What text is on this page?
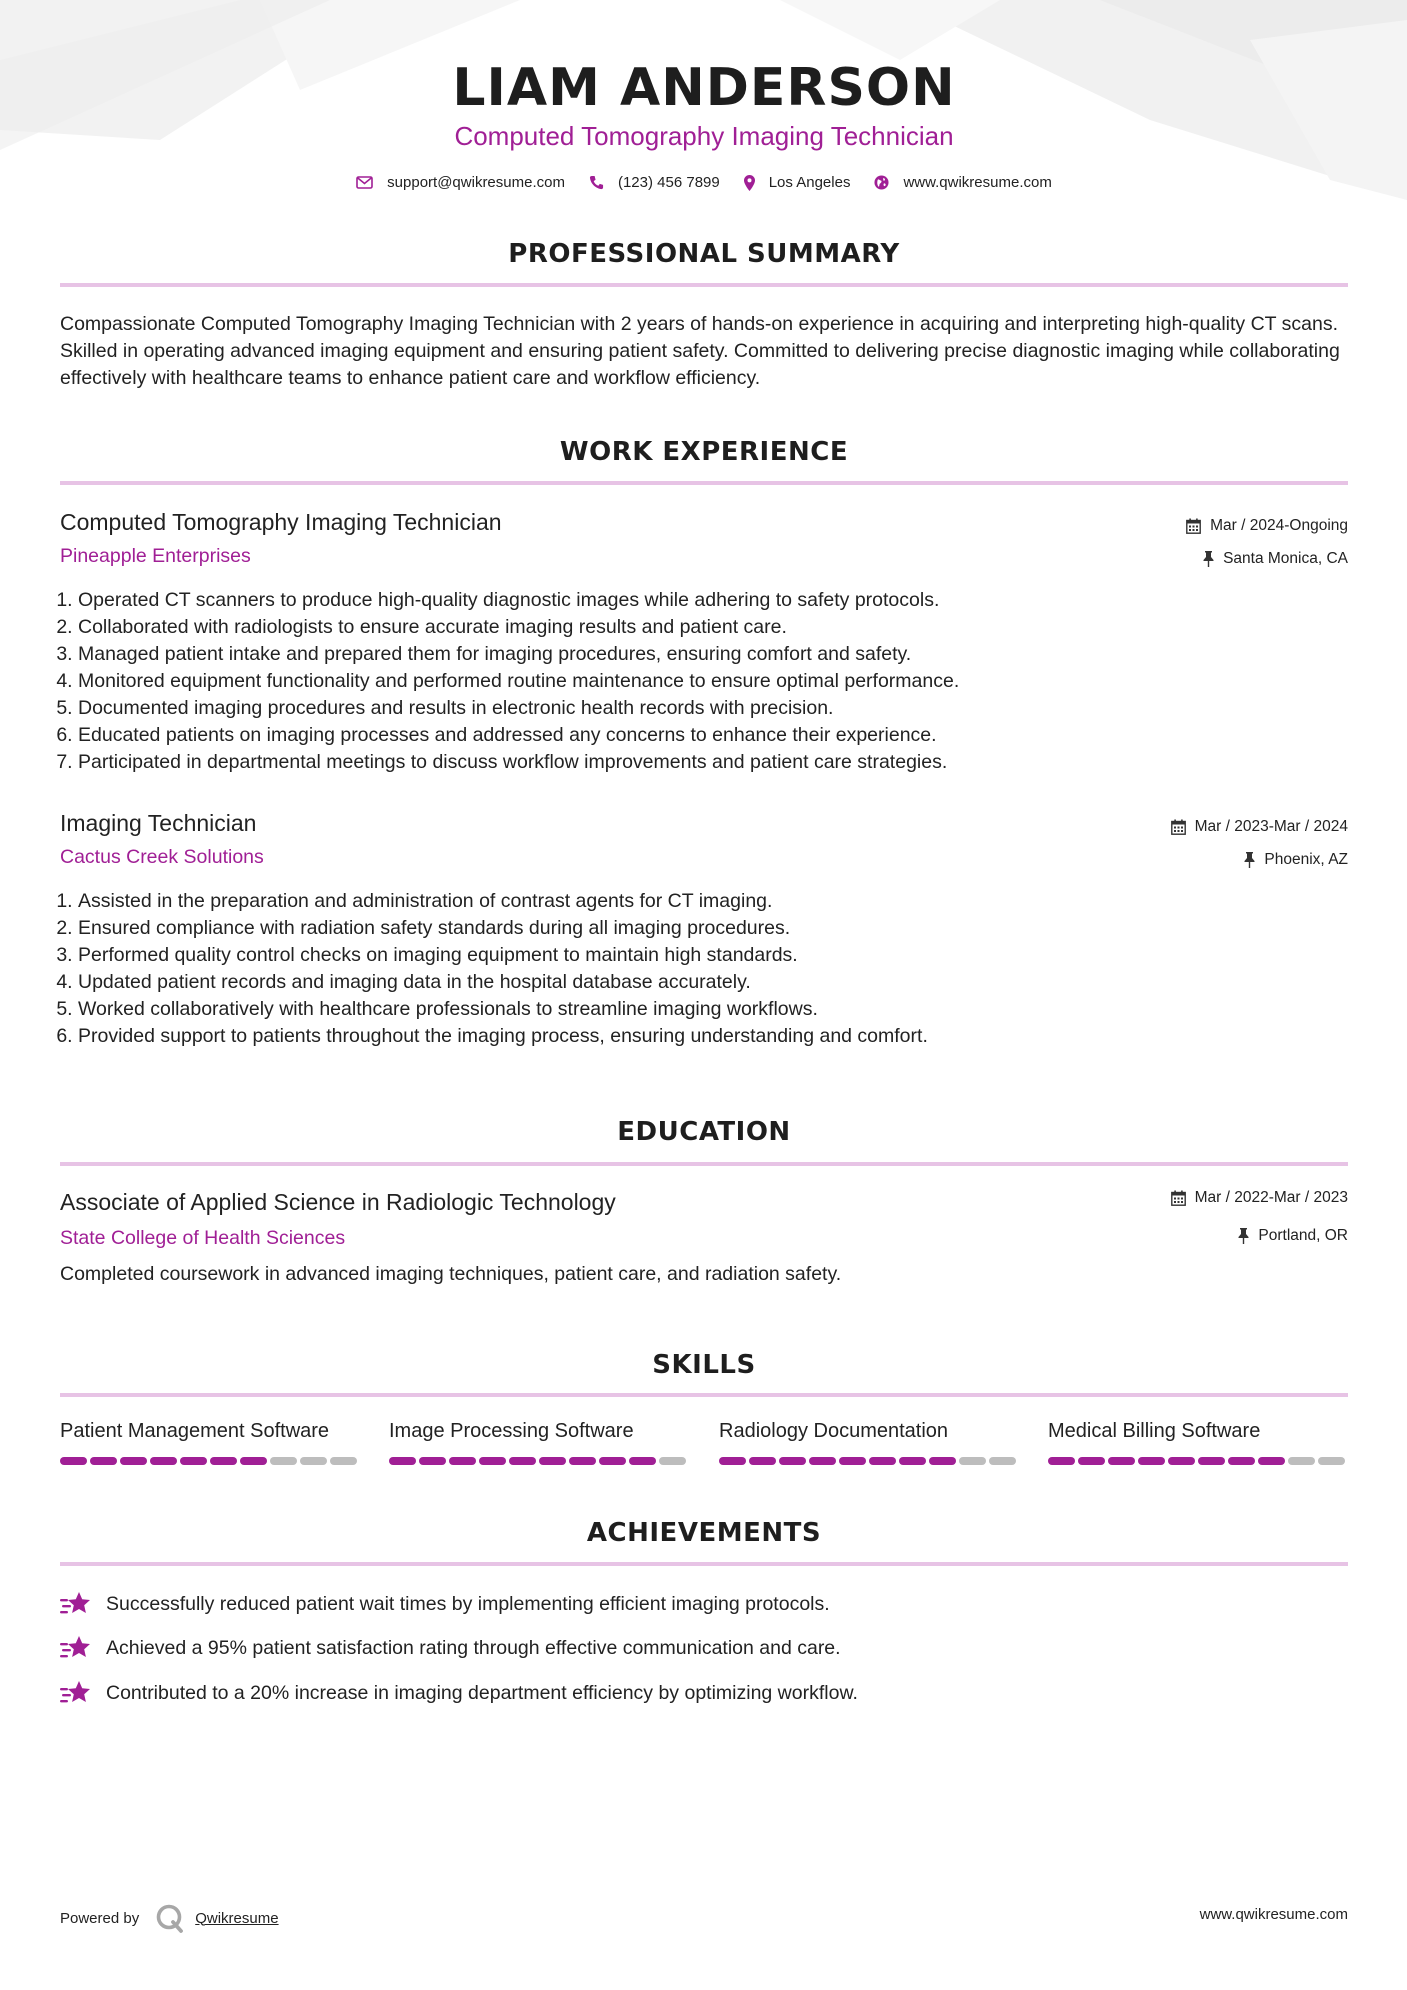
LIAM ANDERSON
Computed Tomography Imaging Technician
support@qwikresume.com	(123) 456 7899	Los Angeles	www.qwikresume.com
PROFESSIONAL SUMMARY
Compassionate Computed Tomography Imaging Technician with 2 years of hands-on experience in acquiring and interpreting high-quality CT scans. Skilled in operating advanced imaging equipment and ensuring patient safety. Committed to delivering precise diagnostic imaging while collaborating effectively with healthcare teams to enhance patient care and workflow efficiency.
WORK EXPERIENCE
Computed Tomography Imaging Technician
Pineapple Enterprises
Mar / 2024-Ongoing
Santa Monica, CA
1. Operated CT scanners to produce high-quality diagnostic images while adhering to safety protocols.
2. Collaborated with radiologists to ensure accurate imaging results and patient care.
3. Managed patient intake and prepared them for imaging procedures, ensuring comfort and safety.
4. Monitored equipment functionality and performed routine maintenance to ensure optimal performance.
5. Documented imaging procedures and results in electronic health records with precision.
6. Educated patients on imaging processes and addressed any concerns to enhance their experience.
7. Participated in departmental meetings to discuss workflow improvements and patient care strategies.
Imaging Technician
Cactus Creek Solutions
Mar / 2023-Mar / 2024
Phoenix, AZ
1. Assisted in the preparation and administration of contrast agents for CT imaging.
2. Ensured compliance with radiation safety standards during all imaging procedures.
3. Performed quality control checks on imaging equipment to maintain high standards.
4. Updated patient records and imaging data in the hospital database accurately.
5. Worked collaboratively with healthcare professionals to streamline imaging workflows.
6. Provided support to patients throughout the imaging process, ensuring understanding and comfort.
EDUCATION
Associate of Applied Science in Radiologic Technology
State College of Health Sciences
Mar / 2022-Mar / 2023
Portland, OR
Completed coursework in advanced imaging techniques, patient care, and radiation safety.
SKILLS
Patient Management Software	Image Processing Software	Radiology Documentation	Medical Billing Software
ACHIEVEMENTS
Successfully reduced patient wait times by implementing efficient imaging protocols.
Achieved a 95% patient satisfaction rating through effective communication and care.
Contributed to a 20% increase in imaging department efficiency by optimizing workflow.
Powered by	Qwikresume	www.qwikresume.com
